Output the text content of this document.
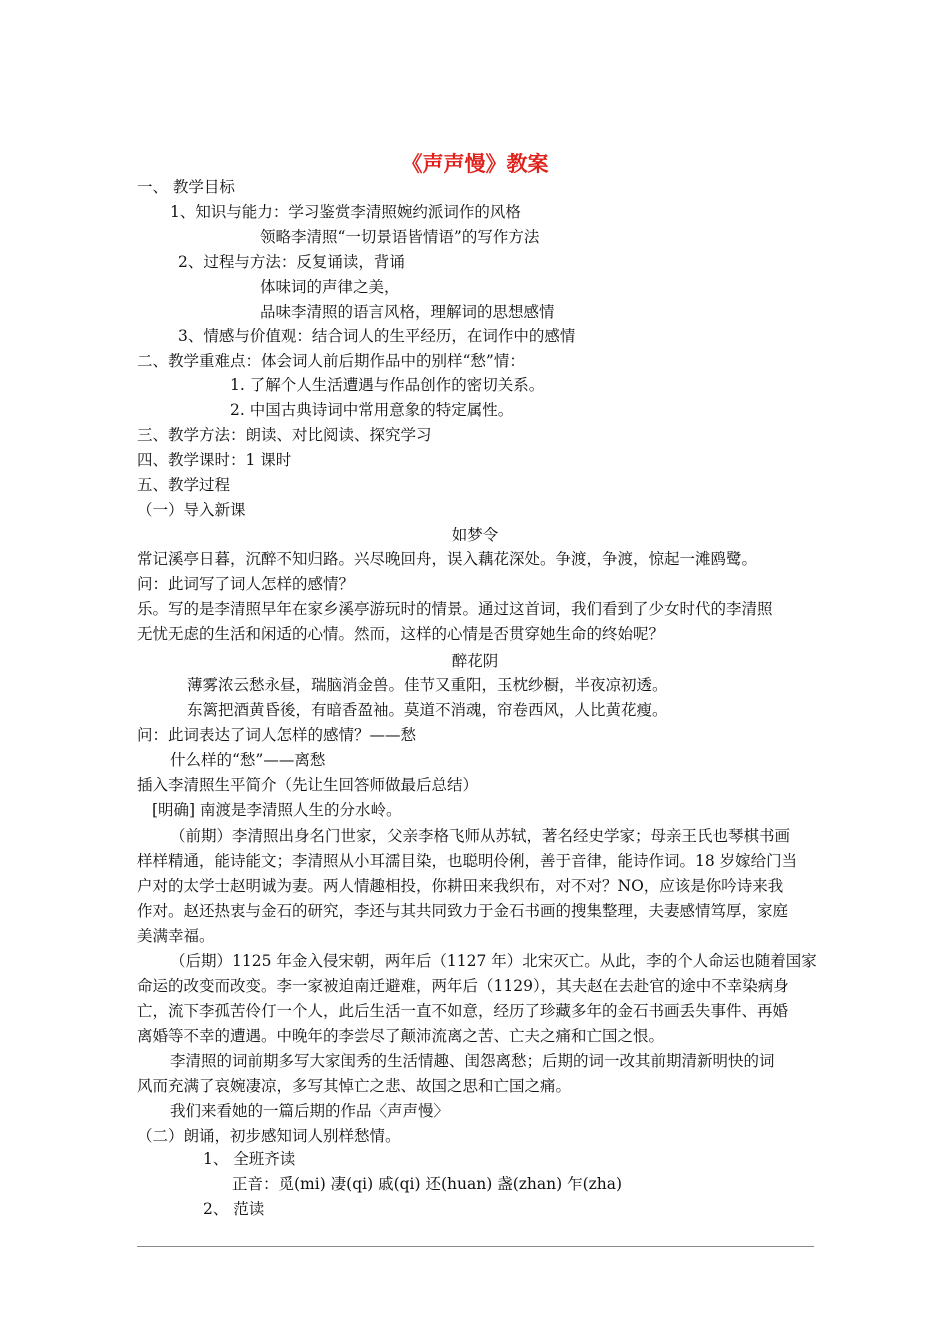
《声声慢》教案
一、 教学目标
1、知识与能力：学习鉴赏李清照婉约派词作的风格
领略李清照“一切景语皆情语”的写作方法
2、过程与方法：反复诵读，背诵
体味词的声律之美，
品味李清照的语言风格，理解词的思想感情
3、情感与价值观：结合词人的生平经历，在词作中的感情
二、教学重难点：体会词人前后期作品中的别样“愁”情：
1. 了解个人生活遭遇与作品创作的密切关系。
2. 中国古典诗词中常用意象的特定属性。
三、教学方法：朗读、对比阅读、探究学习
四、教学课时：1 课时
五、教学过程
（一）导入新课
如梦令
常记溪亭日暮，沉醉不知归路。兴尽晚回舟，误入藕花深处。争渡，争渡，惊起一滩鸥鹭。
问：此词写了词人怎样的感情？
乐。写的是李清照早年在家乡溪亭游玩时的情景。通过这首词，我们看到了少女时代的李清照
无忧无虑的生活和闲适的心情。然而，这样的心情是否贯穿她生命的终始呢？
醉花阴
薄雾浓云愁永昼，瑞脑消金兽。佳节又重阳，玉枕纱橱，半夜凉初透。
东篱把酒黄昏後，有暗香盈袖。莫道不消魂，帘卷西风，人比黄花瘦。
问：此词表达了词人怎样的感情？——愁
什么样的“愁”——离愁
插入李清照生平简介（先让生回答师做最后总结）
[明确] 南渡是李清照人生的分水岭。
（前期）李清照出身名门世家，父亲李格飞师从苏轼，著名经史学家；母亲王氏也琴棋书画
样样精通，能诗能文；李清照从小耳濡目染，也聪明伶俐，善于音律，能诗作词。18 岁嫁给门当
户对的太学士赵明诚为妻。两人情趣相投，你耕田来我织布，对不对？NO，应该是你吟诗来我
作对。赵还热衷与金石的研究，李还与其共同致力于金石书画的搜集整理，夫妻感情笃厚，家庭
美满幸福。
（后期）1125 年金入侵宋朝，两年后（1127 年）北宋灭亡。从此，李的个人命运也随着国家
命运的改变而改变。李一家被迫南迁避难，两年后（1129），其夫赵在去赴官的途中不幸染病身
亡，流下李孤苦伶仃一个人，此后生活一直不如意，经历了珍藏多年的金石书画丢失事件、再婚
离婚等不幸的遭遇。中晚年的李尝尽了颠沛流离之苦、亡夫之痛和亡国之恨。
李清照的词前期多写大家闺秀的生活情趣、闺怨离愁；后期的词一改其前期清新明快的词
风而充满了哀婉凄凉，多写其悼亡之悲、故国之思和亡国之痛。
我们来看她的一篇后期的作品〈声声慢〉
（二）朗诵，初步感知词人别样愁情。
1、 全班齐读
正音：觅(mi) 凄(qi) 戚(qi) 还(huan) 盏(zhan) 乍(zha)
2、 范读
